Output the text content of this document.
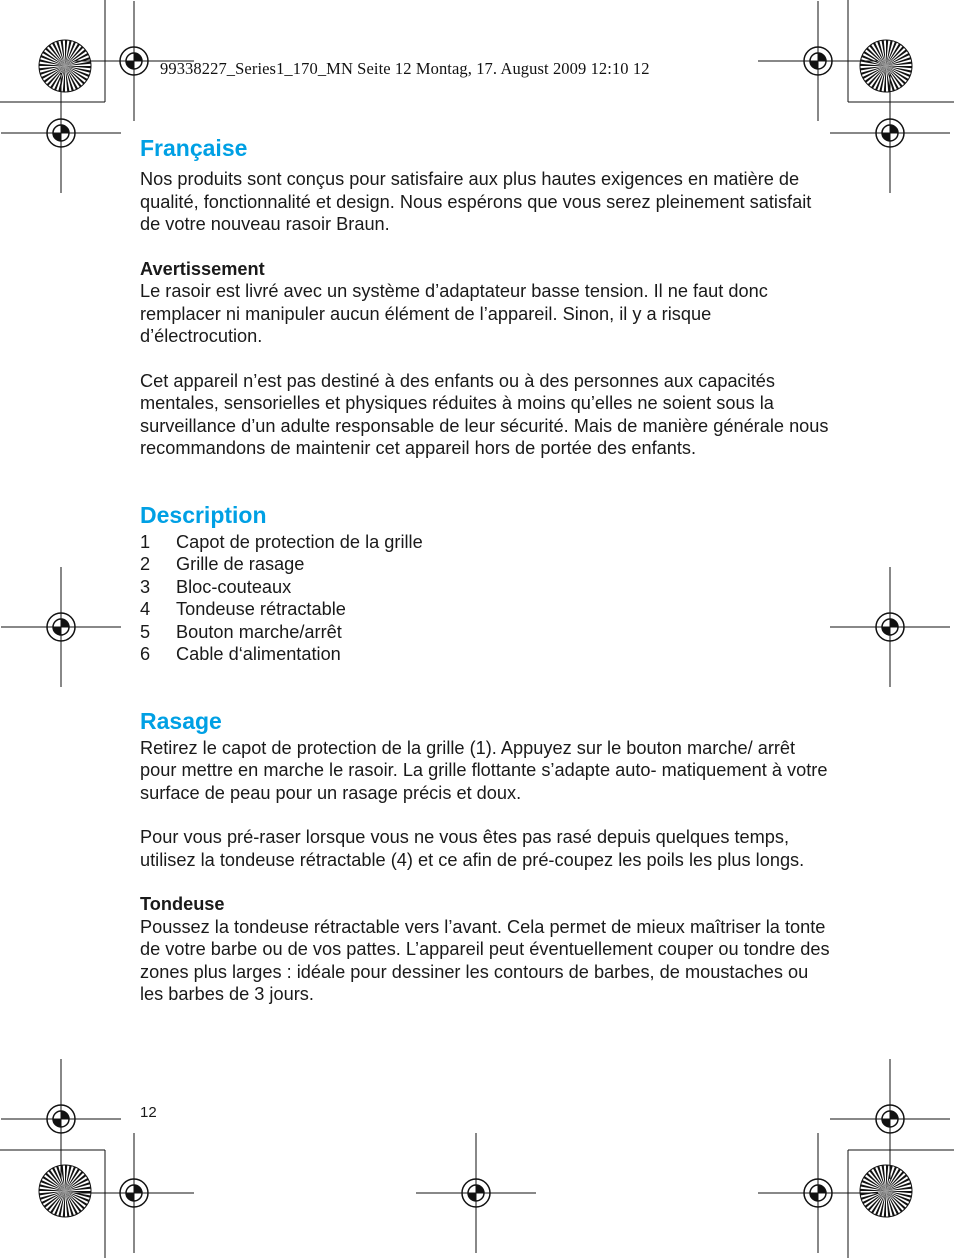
99338227_Series1_170_MN Seite 12 Montag, 17. August 2009 12:10 12
Française

Nos produits sont conçus pour satisfaire aux plus hautes exigences en matière de qualité, fonctionnalité et design. Nous espérons que vous serez pleinement satisfait de votre nouveau rasoir Braun.

Avertissement

Le rasoir est livré avec un système d’adaptateur basse tension. Il ne faut donc remplacer ni manipuler aucun élément de l’appareil. Sinon, il y a risque d’électrocution.

Cet appareil n’est pas destiné à des enfants ou à des personnes aux capacités mentales, sensorielles et physiques réduites à moins qu’elles ne soient sous la surveillance d’un adulte responsable de leur sécurité. Mais de manière générale nous recommandons de maintenir cet appareil hors de portée des enfants.

Description
1	Capot de protection de la grille
2	Grille de rasage
3	Bloc-couteaux
4	Tondeuse rétractable
5	Bouton marche/arrêt
6	Cable d‘alimentation
Rasage

Retirez le capot de protection de la grille (1). Appuyez sur le bouton marche/ arrêt pour mettre en marche le rasoir. La grille flottante s’adapte auto- matiquement à votre surface de peau pour un rasage précis et doux.

Pour vous pré-raser lorsque vous ne vous êtes pas rasé depuis quelques temps, utilisez la tondeuse rétractable (4) et ce afin de pré-coupez les poils les plus longs.

Tondeuse

Poussez la tondeuse rétractable vers l’avant. Cela permet de mieux maîtriser la tonte de votre barbe ou de vos pattes. L’appareil peut éventuellement couper ou tondre des zones plus larges : idéale pour dessiner les contours de barbes, de moustaches ou les barbes de 3 jours.

12
